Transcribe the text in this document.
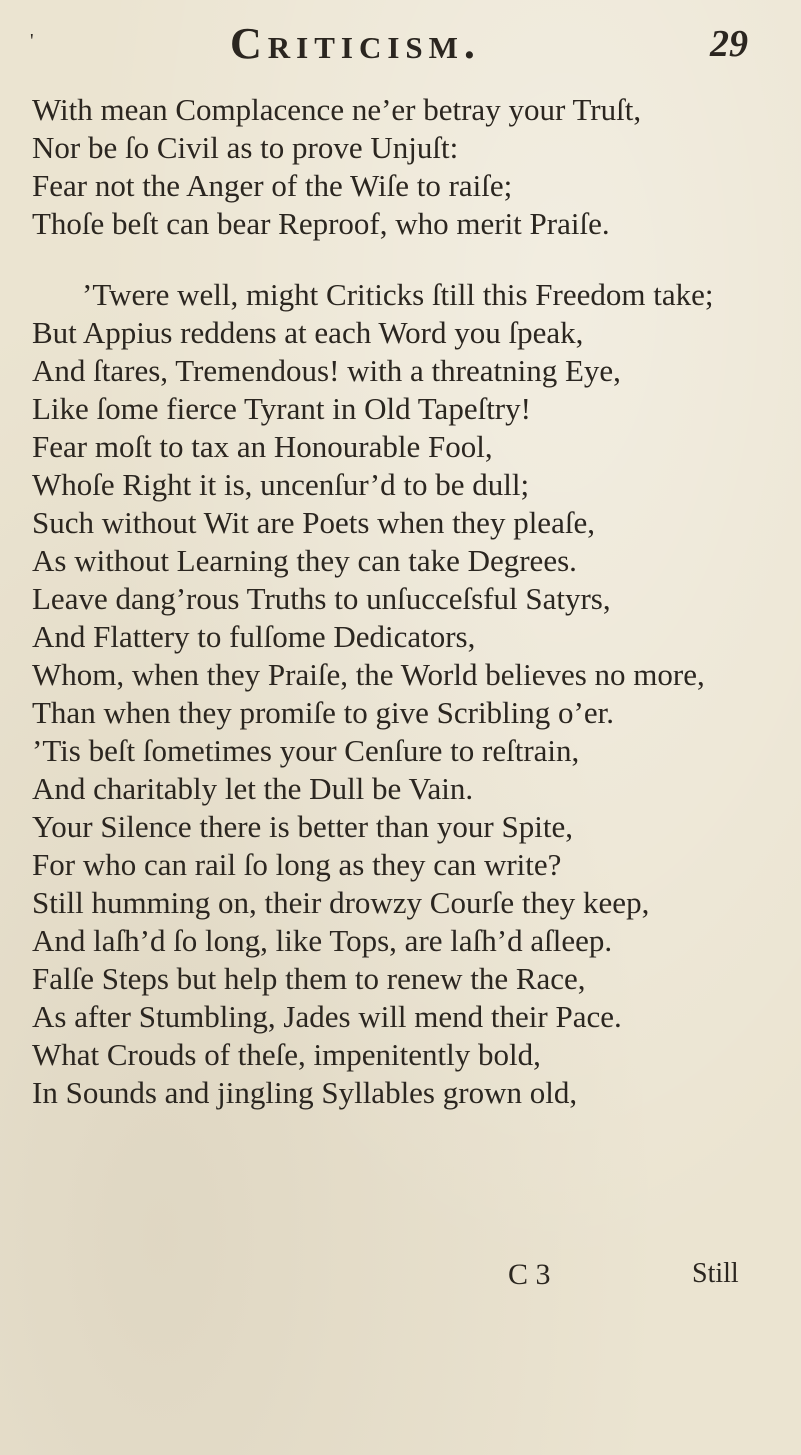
'	Criticism.	29
With mean Complacence ne’er betray your Truſt,
Nor be ſo Civil as to prove Unjuſt:
Fear not the Anger of the Wiſe to raiſe;
Thoſe beſt can bear Reproof, who merit Praiſe.
’Twere well, might Criticks ſtill this Freedom take;
But Appius reddens at each Word you ſpeak,
And ſtares, Tremendous! with a threatning Eye,
Like ſome fierce Tyrant in Old Tapeſtry!
Fear moſt to tax an Honourable Fool,
Whoſe Right it is, uncenſur’d to be dull;
Such without Wit are Poets when they pleaſe,
As without Learning they can take Degrees.
Leave dang’rous Truths to unſucceſsful Satyrs,
And Flattery to fulſome Dedicators,
Whom, when they Praiſe, the World believes no more,
Than when they promiſe to give Scribling o’er.
’Tis beſt ſometimes your Cenſure to reſtrain,
And charitably let the Dull be Vain.
Your Silence there is better than your Spite,
For who can rail ſo long as they can write?
Still humming on, their drowzy Courſe they keep,
And laſh’d ſo long, like Tops, are laſh’d aſleep.
Falſe Steps but help them to renew the Race,
As after Stumbling, Jades will mend their Pace.
What Crouds of theſe, impenitently bold,
In Sounds and jingling Syllables grown old,
C 3	Still
